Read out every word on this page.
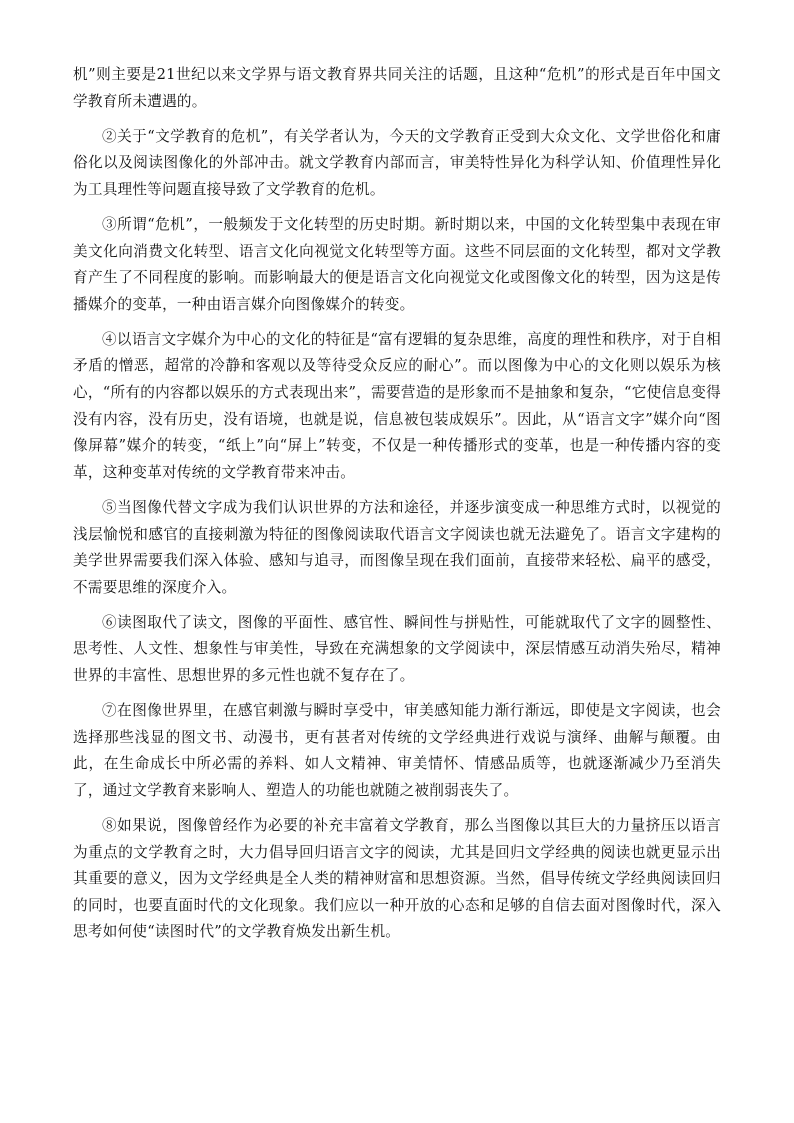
机”则主要是21世纪以来文学界与语文教育界共同关注的话题，且这种“危机”的形式是百年中国文学教育所未遭遇的。

②关于“文学教育的危机”，有关学者认为，今天的文学教育正受到大众文化、文学世俗化和庸俗化以及阅读图像化的外部冲击。就文学教育内部而言，审美特性异化为科学认知、价值理性异化为工具理性等问题直接导致了文学教育的危机。

③所谓“危机”，一般频发于文化转型的历史时期。新时期以来，中国的文化转型集中表现在审美文化向消费文化转型、语言文化向视觉文化转型等方面。这些不同层面的文化转型，都对文学教育产生了不同程度的影响。而影响最大的便是语言文化向视觉文化或图像文化的转型，因为这是传播媒介的变革，一种由语言媒介向图像媒介的转变。

④以语言文字媒介为中心的文化的特征是“富有逻辑的复杂思维，高度的理性和秩序，对于自相矛盾的憎恶，超常的冷静和客观以及等待受众反应的耐心”。而以图像为中心的文化则以娱乐为核心，“所有的内容都以娱乐的方式表现出来”，需要营造的是形象而不是抽象和复杂，“它使信息变得没有内容，没有历史，没有语境，也就是说，信息被包装成娱乐”。因此，从“语言文字”媒介向“图像屏幕”媒介的转变，“纸上”向“屏上”转变，不仅是一种传播形式的变革，也是一种传播内容的变革，这种变革对传统的文学教育带来冲击。

⑤当图像代替文字成为我们认识世界的方法和途径，并逐步演变成一种思维方式时，以视觉的浅层愉悦和感官的直接刺激为特征的图像阅读取代语言文字阅读也就无法避免了。语言文字建构的美学世界需要我们深入体验、感知与追寻，而图像呈现在我们面前，直接带来轻松、扁平的感受，不需要思维的深度介入。

⑥读图取代了读文，图像的平面性、感官性、瞬间性与拼贴性，可能就取代了文字的圆整性、思考性、人文性、想象性与审美性，导致在充满想象的文学阅读中，深层情感互动消失殆尽，精神世界的丰富性、思想世界的多元性也就不复存在了。

⑦在图像世界里，在感官刺激与瞬时享受中，审美感知能力渐行渐远，即使是文字阅读，也会选择那些浅显的图文书、动漫书，更有甚者对传统的文学经典进行戏说与演绎、曲解与颠覆。由此，在生命成长中所必需的养料、如人文精神、审美情怀、情感品质等，也就逐渐减少乃至消失了，通过文学教育来影响人、塑造人的功能也就随之被削弱丧失了。

⑧如果说，图像曾经作为必要的补充丰富着文学教育，那么当图像以其巨大的力量挤压以语言为重点的文学教育之时，大力倡导回归语言文字的阅读，尤其是回归文学经典的阅读也就更显示出其重要的意义，因为文学经典是全人类的精神财富和思想资源。当然，倡导传统文学经典阅读回归的同时，也要直面时代的文化现象。我们应以一种开放的心态和足够的自信去面对图像时代，深入思考如何使“读图时代”的文学教育焕发出新生机。
